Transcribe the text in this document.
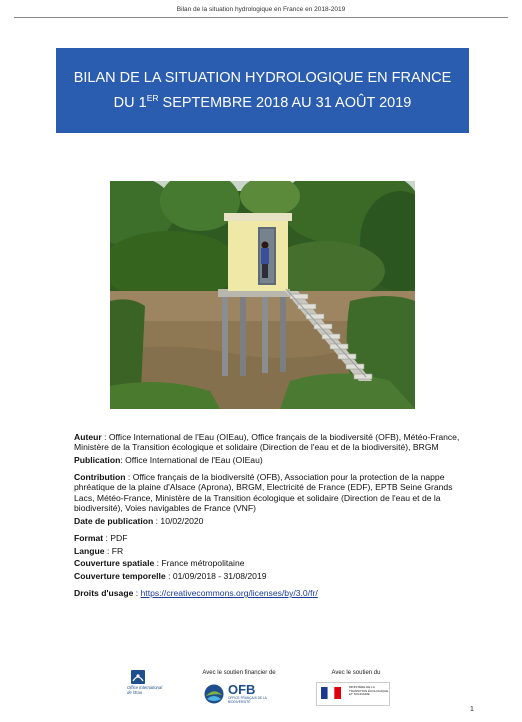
Bilan de la situation hydrologique en France en 2018-2019
BILAN DE LA SITUATION HYDROLOGIQUE EN FRANCE
DU 1ER SEPTEMBRE 2018 AU 31 AOÛT 2019
Auteur : Office International de l'Eau (OIEau), Office français de la biodiversité (OFB), Météo-France, Ministère de la Transition écologique et solidaire (Direction de l'eau et de la biodiversité), BRGM
Publication: Office International de l'Eau (OIEau)
Contribution : Office français de la biodiversité (OFB), Association pour la protection de la nappe phréatique de la plaine d'Alsace (Aprona), BRGM, Electricité de France (EDF), EPTB Seine Grands Lacs, Météo-France, Ministère de la Transition écologique et solidaire (Direction de l'eau et de la biodiversité), Voies navigables de France (VNF)
Date de publication : 10/02/2020
Format : PDF
Langue : FR
Couverture spatiale : France métropolitaine
Couverture temporelle : 01/09/2018 - 31/08/2019
Droits d'usage : https://creativecommons.org/licenses/by/3.0/fr/
Avec le soutien financier de	Avec le soutien du
Office International de l'Eau	OFB
OFFICE FRANÇAIS DE LA BIODIVERSITÉ
MINISTÈRE DE LA TRANSITION ÉCOLOGIQUE ET SOLIDAIRE
1
